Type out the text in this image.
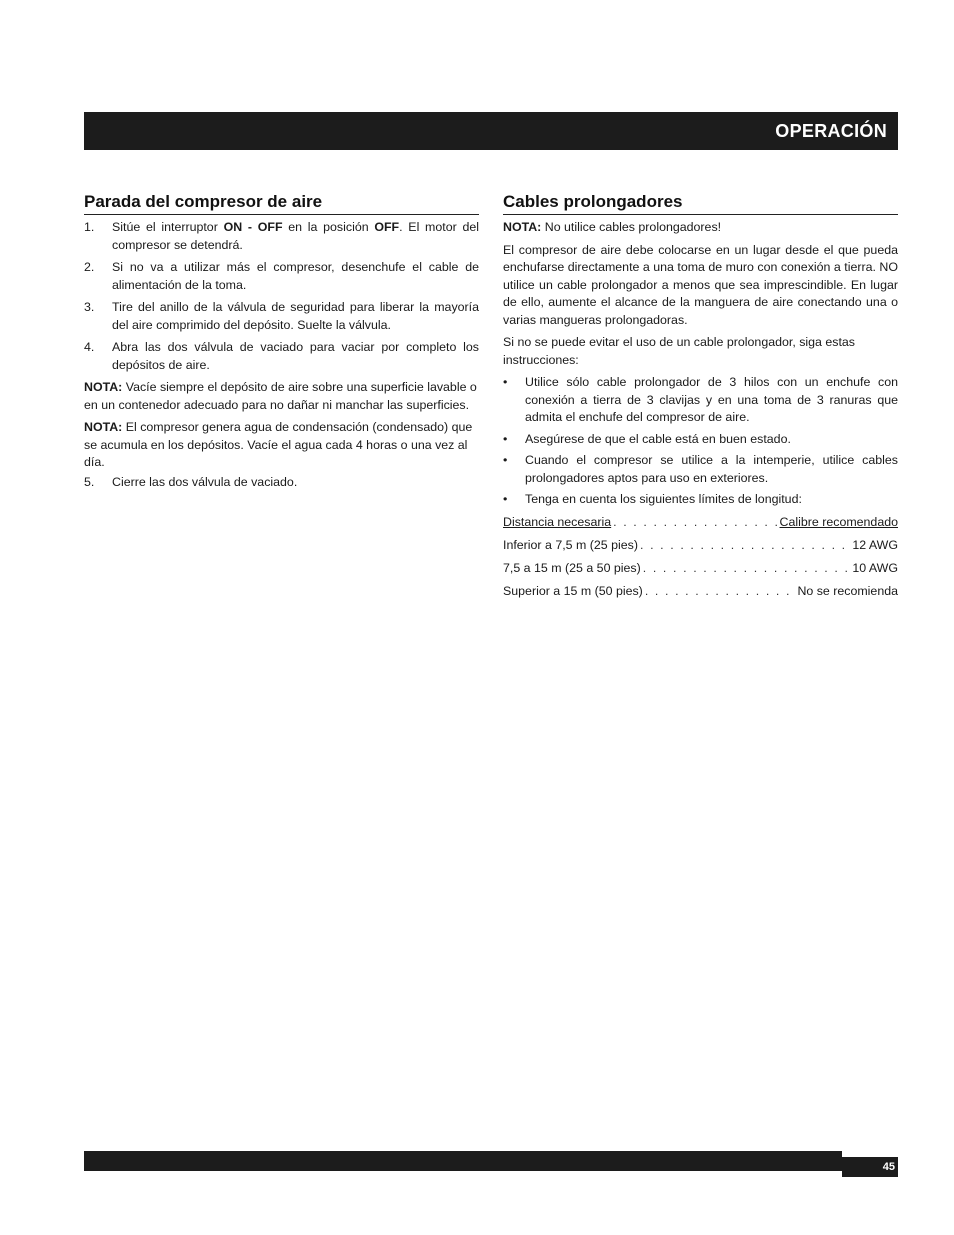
OPERACIÓN
Parada del compresor de aire
1.	Sitúe el interruptor ON - OFF en la posición OFF. El motor del compresor se detendrá.
2.	Si no va a utilizar más el compresor, desenchufe el cable de alimentación de la toma.
3.	Tire del anillo de la válvula de seguridad para liberar la mayoría del aire comprimido del depósito. Suelte la válvula.
4.	Abra las dos válvula de vaciado para vaciar por completo los depósitos de aire.

NOTA: Vacíe siempre el depósito de aire sobre una superficie lavable o en un contenedor adecuado para no dañar ni manchar las superficies.

NOTA: El compresor genera agua de condensación (condensado) que se acumula en los depósitos. Vacíe el agua cada 4 horas o una vez al día.

5.	Cierre las dos válvula de vaciado.
Cables prolongadores

NOTA: No utilice cables prolongadores!

El compresor de aire debe colocarse en un lugar desde el que pueda enchufarse directamente a una toma de muro con conexión a tierra. NO utilice un cable prolongador a menos que sea imprescindible. En lugar de ello, aumente el alcance de la manguera de aire conectando una o varias mangueras prolongadoras.

Si no se puede evitar el uso de un cable prolongador, siga estas instrucciones:

•	Utilice sólo cable prolongador de 3 hilos con un enchufe con conexión a tierra de 3 clavijas y en una toma de 3 ranuras que admita el enchufe del compresor de aire.
•	Asegúrese de que el cable está en buen estado.
•	Cuando el compresor se utilice a la intemperie, utilice cables prolongadores aptos para uso en exteriores.
•	Tenga en cuenta los siguientes límites de longitud:
Distancia necesaria . . .	Calibre recomendado
Inferior a 7,5 m (25 pies) . . .	12 AWG
7,5 a 15 m (25 a 50 pies) . . .	10 AWG
Superior a 15 m (50 pies) . . .	No se recomienda
45
